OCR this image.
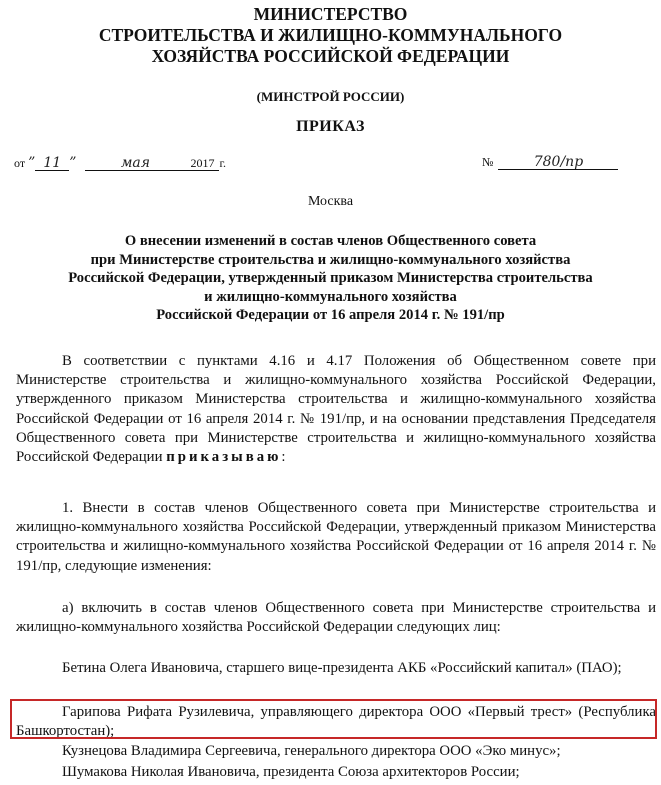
МИНИСТЕРСТВО
СТРОИТЕЛЬСТВА И ЖИЛИЩНО-КОММУНАЛЬНОГО
ХОЗЯЙСТВА РОССИЙСКОЙ ФЕДЕРАЦИИ
(МИНСТРОЙ РОССИИ)
ПРИКАЗ
от ” 11 ”	мая	2017 г.	№	780/пр
Москва
О внесении изменений в состав членов Общественного совета
при Министерстве строительства и жилищно-коммунального хозяйства
Российской Федерации, утвержденный приказом Министерства строительства
и жилищно-коммунального хозяйства
Российской Федерации от 16 апреля 2014 г. № 191/пр
В соответствии с пунктами 4.16 и 4.17 Положения об Общественном совете при Министерстве строительства и жилищно-коммунального хозяйства Российской Федерации, утвержденного приказом Министерства строительства и жилищно-коммунального хозяйства Российской Федерации от 16 апреля 2014 г. № 191/пр, и на основании представления Председателя Общественного совета при Министерстве строительства и жилищно-коммунального хозяйства Российской Федерации приказываю:
1. Внести в состав членов Общественного совета при Министерстве строительства и жилищно-коммунального хозяйства Российской Федерации, утвержденный приказом Министерства строительства и жилищно-коммунального хозяйства Российской Федерации от 16 апреля 2014 г. № 191/пр, следующие изменения:
а) включить в состав членов Общественного совета при Министерстве строительства и жилищно-коммунального хозяйства Российской Федерации следующих лиц:
Бетина Олега Ивановича, старшего вице-президента АКБ «Российский капитал» (ПАО);
Гарипова Рифата Рузилевича, управляющего директора ООО «Первый трест» (Республика Башкортостан);
Кузнецова Владимира Сергеевича, генерального директора ООО «Эко минус»;
Шумакова Николая Ивановича, президента Союза архитекторов России;
